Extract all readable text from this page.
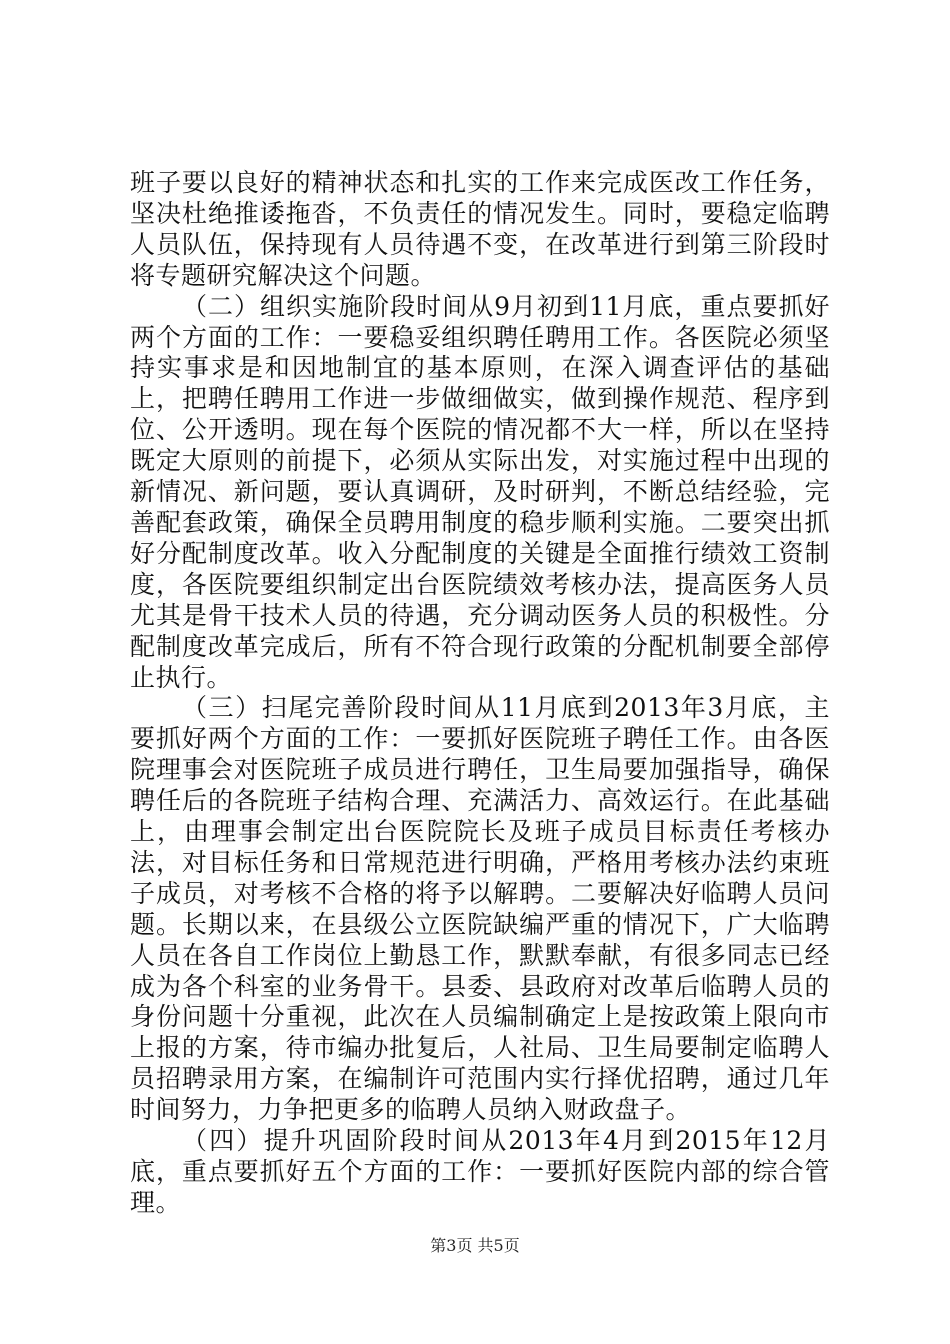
班子要以良好的精神状态和扎实的工作来完成医改工作任务，坚决杜绝推诿拖沓，不负责任的情况发生。同时，要稳定临聘人员队伍，保持现有人员待遇不变，在改革进行到第三阶段时将专题研究解决这个问题。

（二）组织实施阶段时间从9月初到11月底，重点要抓好两个方面的工作：一要稳妥组织聘任聘用工作。各医院必须坚持实事求是和因地制宜的基本原则，在深入调查评估的基础上，把聘任聘用工作进一步做细做实，做到操作规范、程序到位、公开透明。现在每个医院的情况都不大一样，所以在坚持既定大原则的前提下，必须从实际出发，对实施过程中出现的新情况、新问题，要认真调研，及时研判，不断总结经验，完善配套政策，确保全员聘用制度的稳步顺利实施。二要突出抓好分配制度改革。收入分配制度的关键是全面推行绩效工资制度，各医院要组织制定出台医院绩效考核办法，提高医务人员尤其是骨干技术人员的待遇，充分调动医务人员的积极性。分配制度改革完成后，所有不符合现行政策的分配机制要全部停止执行。

（三）扫尾完善阶段时间从11月底到2013年3月底，主要抓好两个方面的工作：一要抓好医院班子聘任工作。由各医院理事会对医院班子成员进行聘任，卫生局要加强指导，确保聘任后的各院班子结构合理、充满活力、高效运行。在此基础上，由理事会制定出台医院院长及班子成员目标责任考核办法，对目标任务和日常规范进行明确，严格用考核办法约束班子成员，对考核不合格的将予以解聘。二要解决好临聘人员问题。长期以来，在县级公立医院缺编严重的情况下，广大临聘人员在各自工作岗位上勤恳工作，默默奉献，有很多同志已经成为各个科室的业务骨干。县委、县政府对改革后临聘人员的身份问题十分重视，此次在人员编制确定上是按政策上限向市上报的方案，待市编办批复后，人社局、卫生局要制定临聘人员招聘录用方案，在编制许可范围内实行择优招聘，通过几年时间努力，力争把更多的临聘人员纳入财政盘子。

（四）提升巩固阶段时间从2013年4月到2015年12月底，重点要抓好五个方面的工作：一要抓好医院内部的综合管理。

第3页 共5页
